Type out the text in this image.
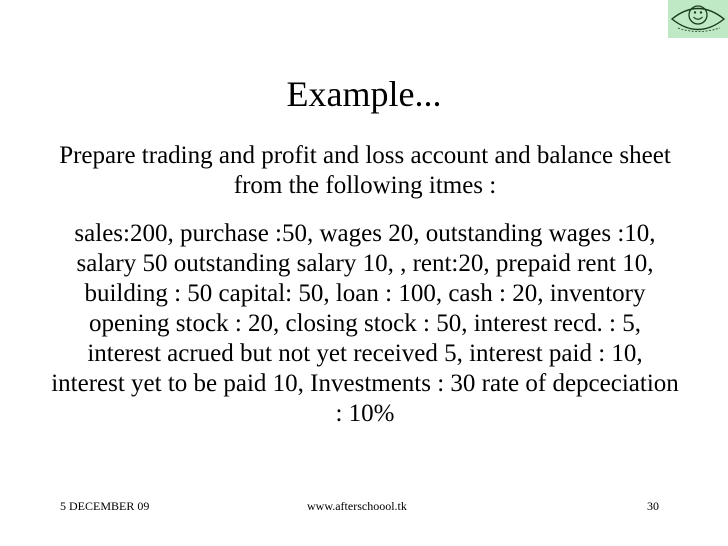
Example...
Prepare trading and profit and loss account and balance sheet from the following itmes :
sales:200, purchase :50, wages 20, outstanding wages :10, salary 50 outstanding salary 10, , rent:20, prepaid rent 10, building : 50 capital: 50, loan : 100, cash : 20, inventory opening stock : 20, closing stock : 50, interest recd. : 5, interest acrued but not yet received 5, interest paid : 10, interest yet to be paid 10, Investments : 30 rate of depceciation : 10%
5 DECEMBER 09	www.afterschoool.tk	30
